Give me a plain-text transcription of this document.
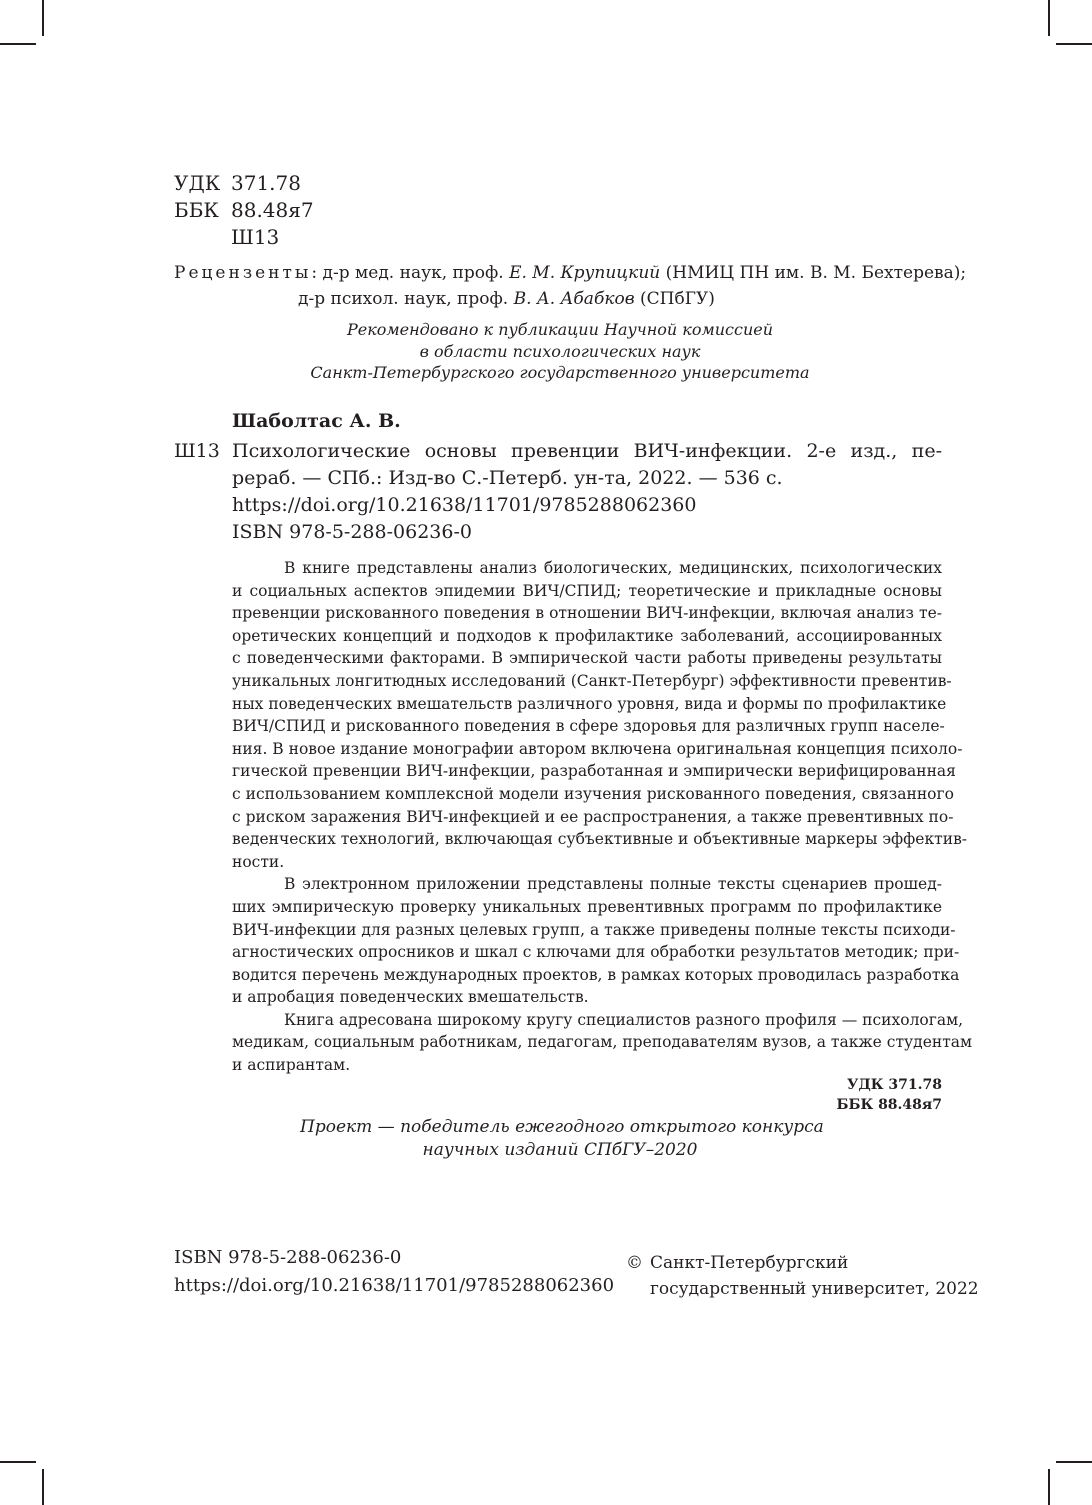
УДК 371.78
ББК 88.48я7
Ш13
Рецензенты: д-р мед. наук, проф. Е. М. Крупицкий (НМИЦ ПН им. В. М. Бехтерева);
д-р психол. наук, проф. В. А. Абабков (СПбГУ)
Рекомендовано к публикации Научной комиссией
в области психологических наук
Санкт-Петербургского государственного университета
Шаболтас А. В.
Ш13 Психологические основы превенции ВИЧ-инфекции. 2-е изд., пе-
рераб. — СПб.: Изд-во С.-Петерб. ун-та, 2022. — 536 с.
https://doi.org/10.21638/11701/9785288062360
ISBN 978-5-288-06236-0

В книге представлены анализ биологических, медицинских, психологических
и социальных аспектов эпидемии ВИЧ/СПИД; теоретические и прикладные основы
превенции рискованного поведения в отношении ВИЧ-инфекции, включая анализ те-
оретических концепций и подходов к профилактике заболеваний, ассоциированных
с поведенческими факторами. В эмпирической части работы приведены результаты
уникальных лонгитюдных исследований (Санкт-Петербург) эффективности превентив-
ных поведенческих вмешательств различного уровня, вида и формы по профилактике
ВИЧ/СПИД и рискованного поведения в сфере здоровья для различных групп населе-
ния. В новое издание монографии автором включена оригинальная концепция психоло-
гической превенции ВИЧ-инфекции, разработанная и эмпирически верифицированная
с использованием комплексной модели изучения рискованного поведения, связанного
с риском заражения ВИЧ-инфекцией и ее распространения, а также превентивных по-
веденческих технологий, включающая субъективные и объективные маркеры эффектив-
ности.

В электронном приложении представлены полные тексты сценариев прошед-
ших эмпирическую проверку уникальных превентивных программ по профилактике
ВИЧ-инфекции для разных целевых групп, а также приведены полные тексты психоди-
агностических опросников и шкал с ключами для обработки результатов методик; при-
водится перечень международных проектов, в рамках которых проводилась разработка
и апробация поведенческих вмешательств.

Книга адресована широкому кругу специалистов разного профиля — психологам,
медикам, социальным работникам, педагогам, преподавателям вузов, а также студентам
и аспирантам.

УДК 371.78
ББК 88.48я7
Проект — победитель ежегодного открытого конкурса
научных изданий СПбГУ–2020
ISBN 978-5-288-06236-0
https://doi.org/10.21638/11701/9785288062360
© Санкт-Петербургский
государственный университет, 2022
